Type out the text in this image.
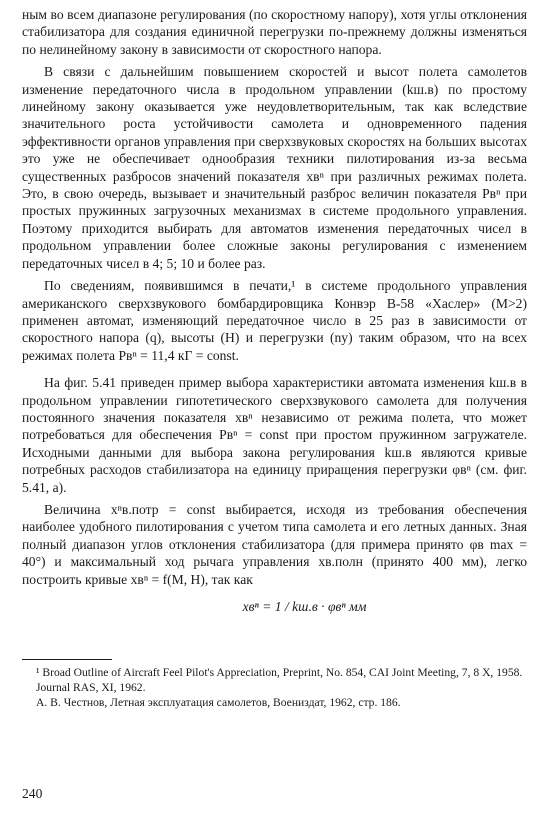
ным во всем диапазоне регулирования (по скоростному напору), хотя углы отклонения стабилизатора для создания единичной перегрузки по-прежнему должны изменяться по нелинейному закону в зависимости от скоростного напора.

В связи с дальнейшим повышением скоростей и высот полета самолетов изменение передаточного числа в продольном управлении (kш.в) по простому линейному закону оказывается уже неудовлетворительным, так как вследствие значительного роста устойчивости самолета и одновременного падения эффективности органов управления при сверхзвуковых скоростях на больших высотах это уже не обеспечивает однообразия техники пилотирования из-за весьма существенных разбросов значений показателя xвⁿ при различных режимах полета. Это, в свою очередь, вызывает и значительный разброс величин показателя Pвⁿ при простых пружинных загрузочных механизмах в системе продольного управления. Поэтому приходится выбирать для автоматов изменения передаточных чисел в продольном управлении более сложные законы регулирования с изменением передаточных чисел в 4; 5; 10 и более раз.

По сведениям, появившимся в печати,¹ в системе продольного управления американского сверхзвукового бомбардировщика Конвэр В-58 «Хаслер» (M>2) применен автомат, изменяющий передаточное число в 25 раз в зависимости от скоростного напора (q), высоты (H) и перегрузки (ny) таким образом, что на всех режимах полета Pвⁿ = 11,4 кГ = const.

На фиг. 5.41 приведен пример выбора характеристики автомата изменения kш.в в продольном управлении гипотетического сверхзвукового самолета для получения постоянного значения показателя xвⁿ независимо от режима полета, что может потребоваться для обеспечения Pвⁿ = const при простом пружинном загружателе. Исходными данными для выбора закона регулирования kш.в являются кривые потребных расходов стабилизатора на единицу приращения перегрузки φвⁿ (см. фиг. 5.41, а).

Величина xⁿв.потр = const выбирается, исходя из требования обеспечения наиболее удобного пилотирования с учетом типа самолета и его летных данных. Зная полный диапазон углов отклонения стабилизатора (для примера принято φв max = 40°) и максимальный ход рычага управления xв.полн (принято 400 мм), легко построить кривые xвⁿ = f(M, H), так как

xвⁿ = 1 / kш.в · φвⁿ мм

¹ Broad Outline of Aircraft Feel Pilot's Appreciation, Preprint, No. 854, CAI Joint Meeting, 7, 8 X, 1958.

Journal RAS, XI, 1962.

А. В. Честнов, Летная эксплуатация самолетов, Воениздат, 1962, стр. 186.

240
